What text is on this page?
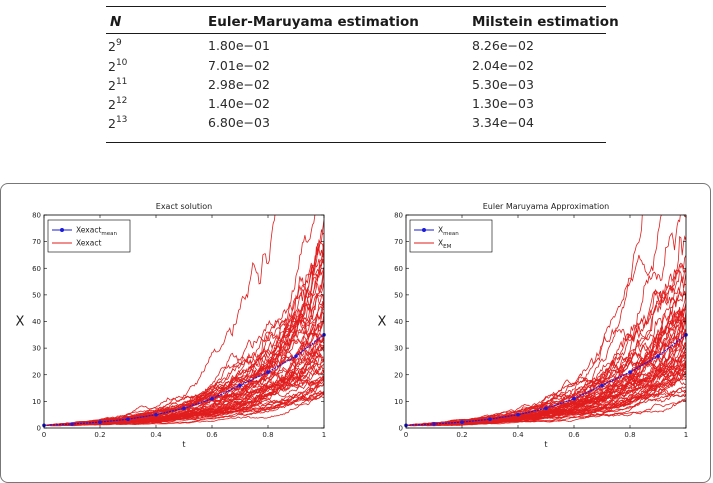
N	Euler-Maruyama estimation	Milstein estimation
$2^9$	1.80e−01	8.26e−02
$2^{10}$	7.01e−02	2.04e−02
$2^{11}$	2.98e−02	5.30e−03
$2^{12}$	1.40e−02	1.30e−03
$2^{13}$	6.80e−03	3.34e−04
Exact solution
0
10
20
30
40
50
60
70
80
0	0.2	0.4	0.6	0.8	1
t
X
Xexact$_{mean}$
Xexact
Euler Maruyama Approximation
0
10
20
30
40
50
60
70
80
0	0.2	0.4	0.6	0.8	1
t
X
$X_{mean}$
$X_{EM}$
